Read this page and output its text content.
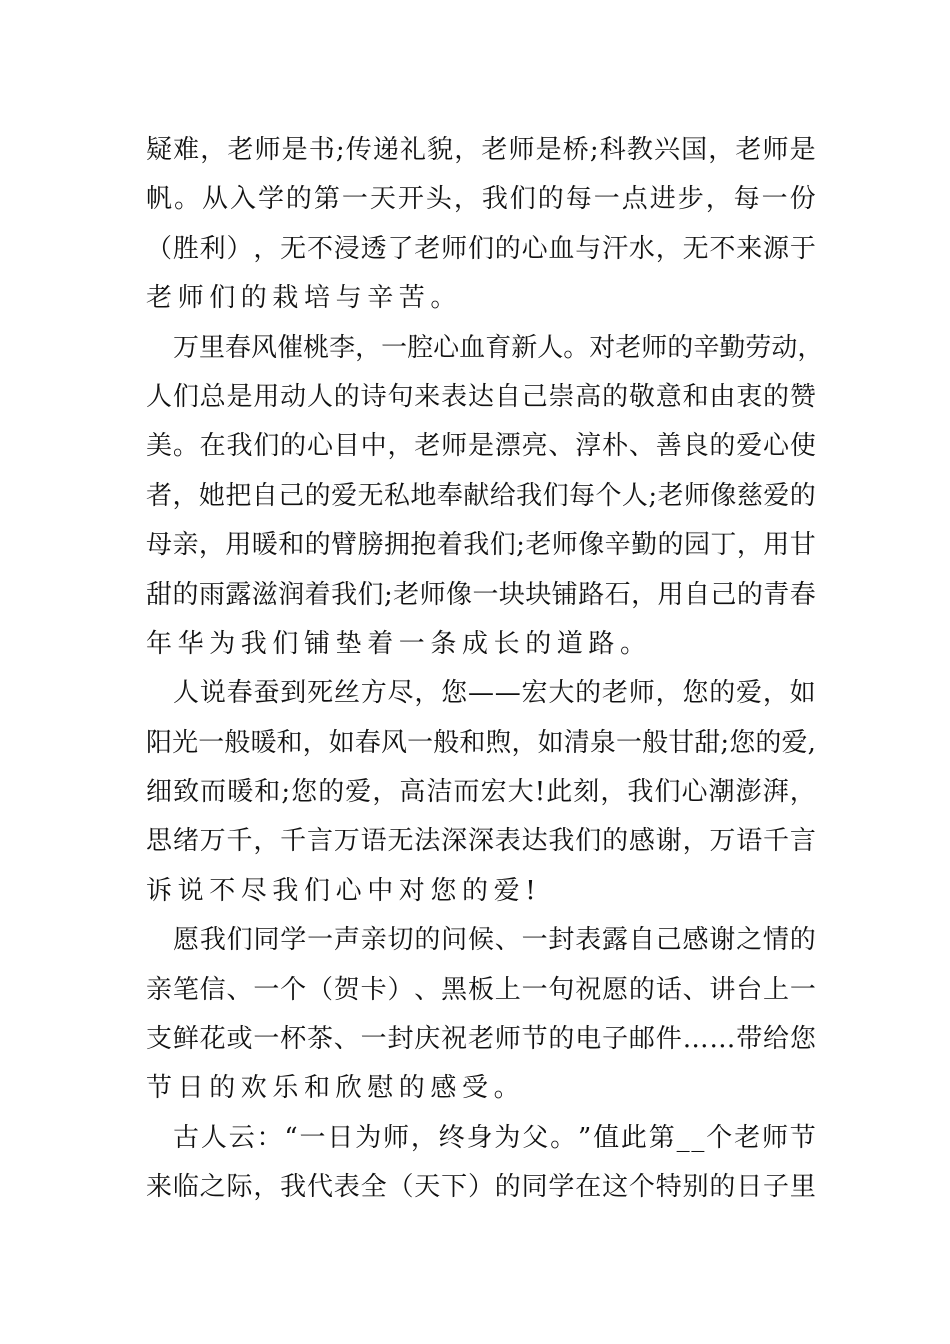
疑 难 ， 老 师 是 书 ; 传 递 礼 貌 ， 老 师 是 桥 ; 科 教 兴 国 ， 老 师 是
帆 。 从 入 学 的 第 一 天 开 头 ， 我 们 的 每 一 点 进 步 ， 每 一 份
（ 胜 利 ） ， 无 不 浸 透 了 老 师 们 的 心 血 与 汗 水 ， 无 不 来 源 于
老师们的栽培与辛苦。
万 里 春 风 催 桃 李 ， 一 腔 心 血 育 新 人 。 对 老 师 的 辛 勤 劳 动 ，
人 们 总 是 用 动 人 的 诗 句 来 表 达 自 己 崇 高 的 敬 意 和 由 衷 的 赞
美 。 在 我 们 的 心 目 中 ， 老 师 是 漂 亮 、 淳 朴 、 善 良 的 爱 心 使
者 ， 她 把 自 己 的 爱 无 私 地 奉 献 给 我 们 每 个 人 ; 老 师 像 慈 爱 的
母 亲 ， 用 暖 和 的 臂 膀 拥 抱 着 我 们 ; 老 师 像 辛 勤 的 园 丁 ， 用 甘
甜 的 雨 露 滋 润 着 我 们 ; 老 师 像 一 块 块 铺 路 石 ， 用 自 己 的 青 春
年华为我们铺垫着一条成长的道路。
人 说 春 蚕 到 死 丝 方 尽 ， 您 — — 宏 大 的 老 师 ， 您 的 爱 ， 如
阳 光 一 般 暖 和 ， 如 春 风 一 般 和 煦 ， 如 清 泉 一 般 甘 甜 ; 您 的 爱 ,
细 致 而 暖 和 ; 您 的 爱 ， 高 洁 而 宏 大 ! 此 刻 ， 我 们 心 潮 澎 湃 ，
思 绪 万 千 ， 千 言 万 语 无 法 深 深 表 达 我 们 的 感 谢 ， 万 语 千 言
诉说不尽我们心中对您的爱!
愿 我 们 同 学 一 声 亲 切 的 问 候 、 一 封 表 露 自 己 感 谢 之 情 的
亲 笔 信 、 一 个 （ 贺 卡 ） 、 黑 板 上 一 句 祝 愿 的 话 、 讲 台 上 一
支 鲜 花 或 一 杯 茶 、 一 封 庆 祝 老 师 节 的 电 子 邮 件 … … 带 给 您
节日的欢乐和欣慰的感受。
古 人 云 ： “ 一 日 为 师 ， 终 身 为 父 。 ” 值 此 第 _ _ 个 老 师 节
来 临 之 际 ， 我 代 表 全 （ 天 下 ） 的 同 学 在 这 个 特 别 的 日 子 里
